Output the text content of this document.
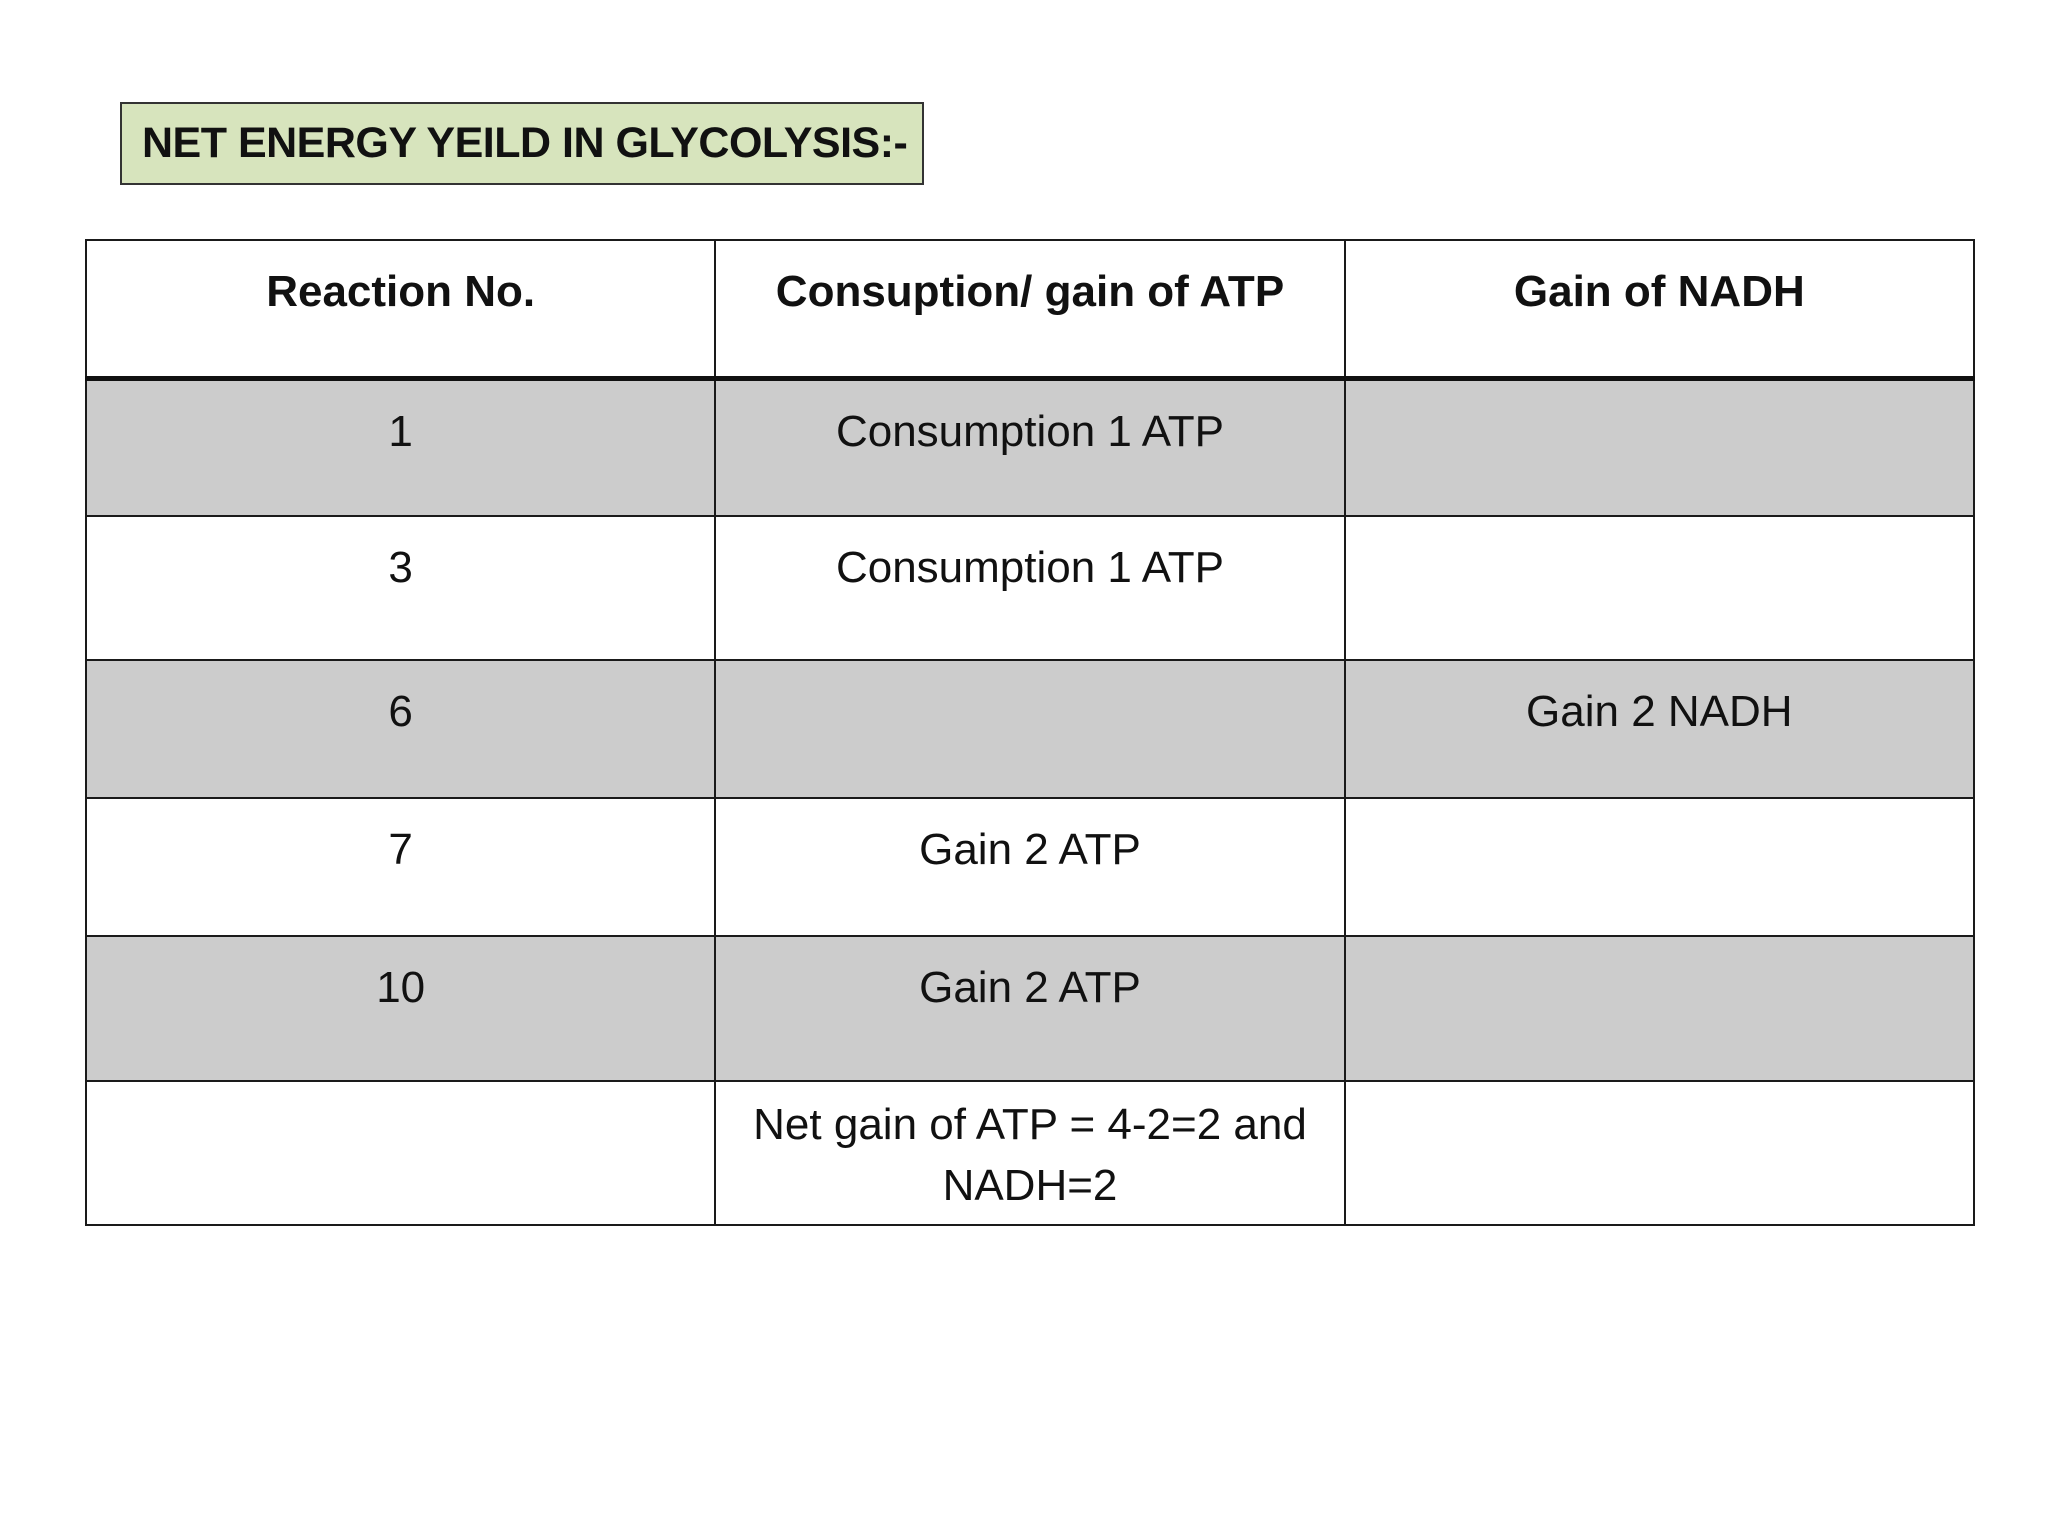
NET ENERGY YEILD IN GLYCOLYSIS:-
Reaction No.	Consuption/ gain of ATP	Gain of NADH
1	Consumption 1 ATP	
3	Consumption 1 ATP	
6		Gain 2 NADH
7	Gain 2 ATP	
10	Gain 2 ATP	
	Net gain of ATP = 4-2=2 and NADH=2	
